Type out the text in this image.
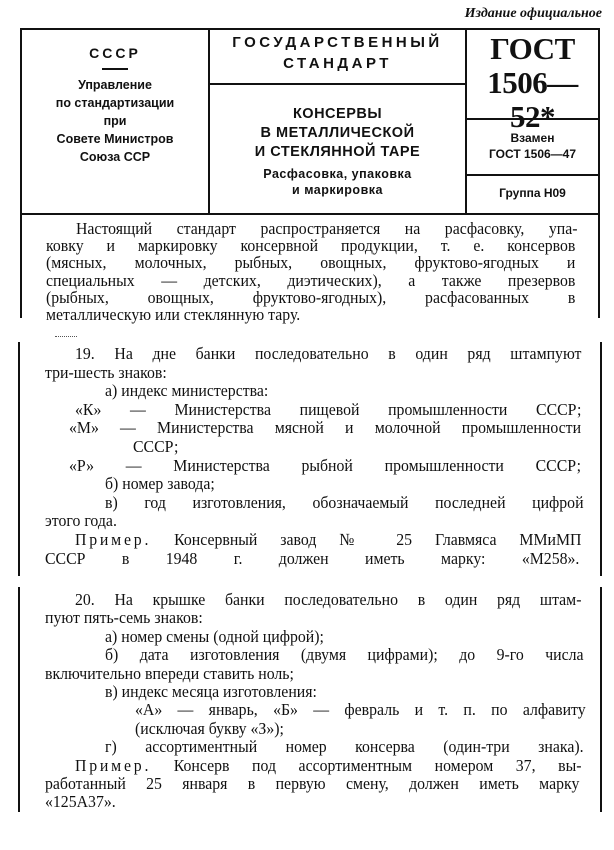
Издание официальное
СССР
Управление
по стандартизации
при
Совете Министров
Союза ССР
ГОСУДАРСТВЕННЫЙ
СТАНДАРТ
КОНСЕРВЫ
В МЕТАЛЛИЧЕСКОЙ
И СТЕКЛЯННОЙ ТАРЕ
Расфасовка, упаковка
и маркировка
ГОСТ
1506—52*
Взамен
ГОСТ 1506—47
Группа Н09
Настоящий стандарт распространяется на расфасовку, упа-
ковку и маркировку консервной продукции, т. е. консервов
(мясных, молочных, рыбных, овощных, фруктово-ягодных и
специальных — детских, диэтических), а также презервов
(рыбных, овощных, фруктово-ягодных), расфасованных в
металлическую или стеклянную тару.
19. На дне банки последовательно в один ряд штампуют
три-шесть знаков:
а) индекс министерства:
«К» — Министерства пищевой промышленности СССР;
«М» — Министерства мясной и молочной промышленности
СССР;
«Р» — Министерства рыбной промышленности СССР;
б) номер завода;
в) год изготовления, обозначаемый последней цифрой
этого года.
Пример. Консервный завод № 25 Главмяса ММиМП
СССР в 1948 г. должен иметь марку: «М258».
20. На крышке банки последовательно в один ряд штам-
пуют пять-семь знаков:
а) номер смены (одной цифрой);
б) дата изготовления (двумя цифрами); до 9-го числа
включительно впереди ставить ноль;
в) индекс месяца изготовления:
«А» — январь, «Б» — февраль и т. п. по алфавиту
(исключая букву «З»);
г) ассортиментный номер консерва (один-три знака).
Пример. Консерв под ассортиментным номером 37, вы-
работанный 25 января в первую смену, должен иметь марку
«125А37».
